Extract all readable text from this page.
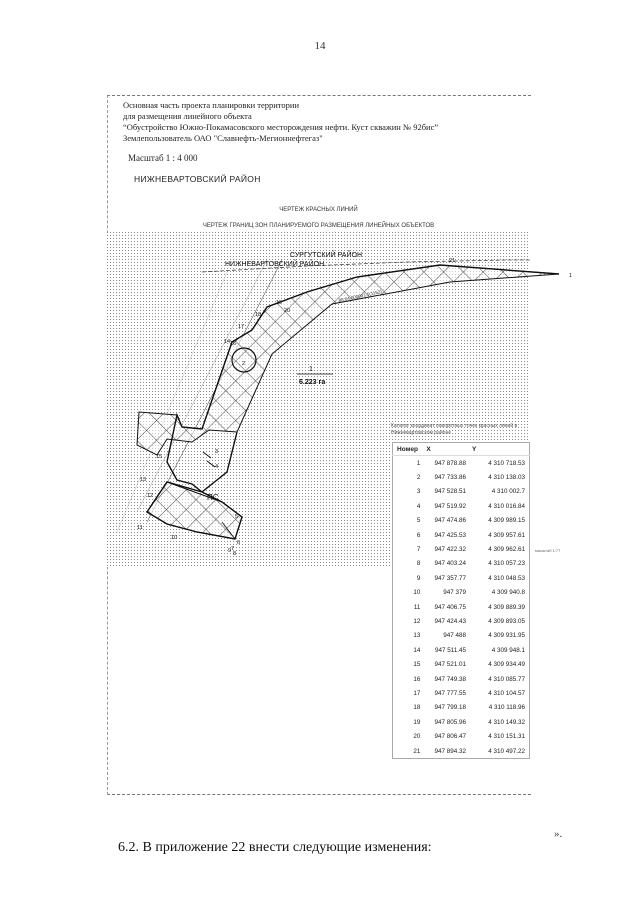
14
Основная часть проекта планировки территории
для размещения линейного объекта
“Обустройство Южно-Покамасовского месторождения нефти. Куст скважин № 92бис”
Землепользователь ОАО "Славнефть-Мегионнефтегаз"
Масштаб 1 : 4 000
НИЖНЕВАРТОВСКИЙ РАЙОН
ЧЕРТЕЖ КРАСНЫХ ЛИНИЙ
ЧЕРТЕЖ ГРАНИЦ ЗОН ПЛАНИРУЕМОГО РАЗМЕЩЕНИЯ ЛИНЕЙНЫХ ОБЪЕКТОВ
СУРГУТСКИЙ РАЙОН
НИЖНЕВАРТОВСКИЙ РАЙОН
86:04:000001:1(1152)
1
6.223 га
ПС
1
2
3
4
5
6
7
8
9
10
11
12
13
14
15
16
17
18
19
20
21
масштаб 1:77
Каталог координат поворотных точек красных линий в Нижневартовском районе
Номер	X	Y
1	947 878.88	4 310 718.53
2	947 733.86	4 310 138.03
3	947 528.51	4 310 002.7
4	947 519.92	4 310 016.84
5	947 474.86	4 309 989.15
6	947 425.53	4 309 957.61
7	947 422.32	4 309 962.61
8	947 403.24	4 310 057.23
9	947 357.77	4 310 048.53
10	947 379	4 309 940.8
11	947 406.75	4 309 889.39
12	947 424.43	4 309 893.05
13	947 488	4 309 931.95
14	947 511.45	4 309 948.1
15	947 521.01	4 309 934.49
16	947 749.38	4 310 085.77
17	947 777.55	4 310 104.57
18	947 799.18	4 310 118.96
19	947 805.96	4 310 149.32
20	947 806.47	4 310 151.31
21	947 894.32	4 310 497.22
».
6.2. В приложение 22 внести следующие изменения:
